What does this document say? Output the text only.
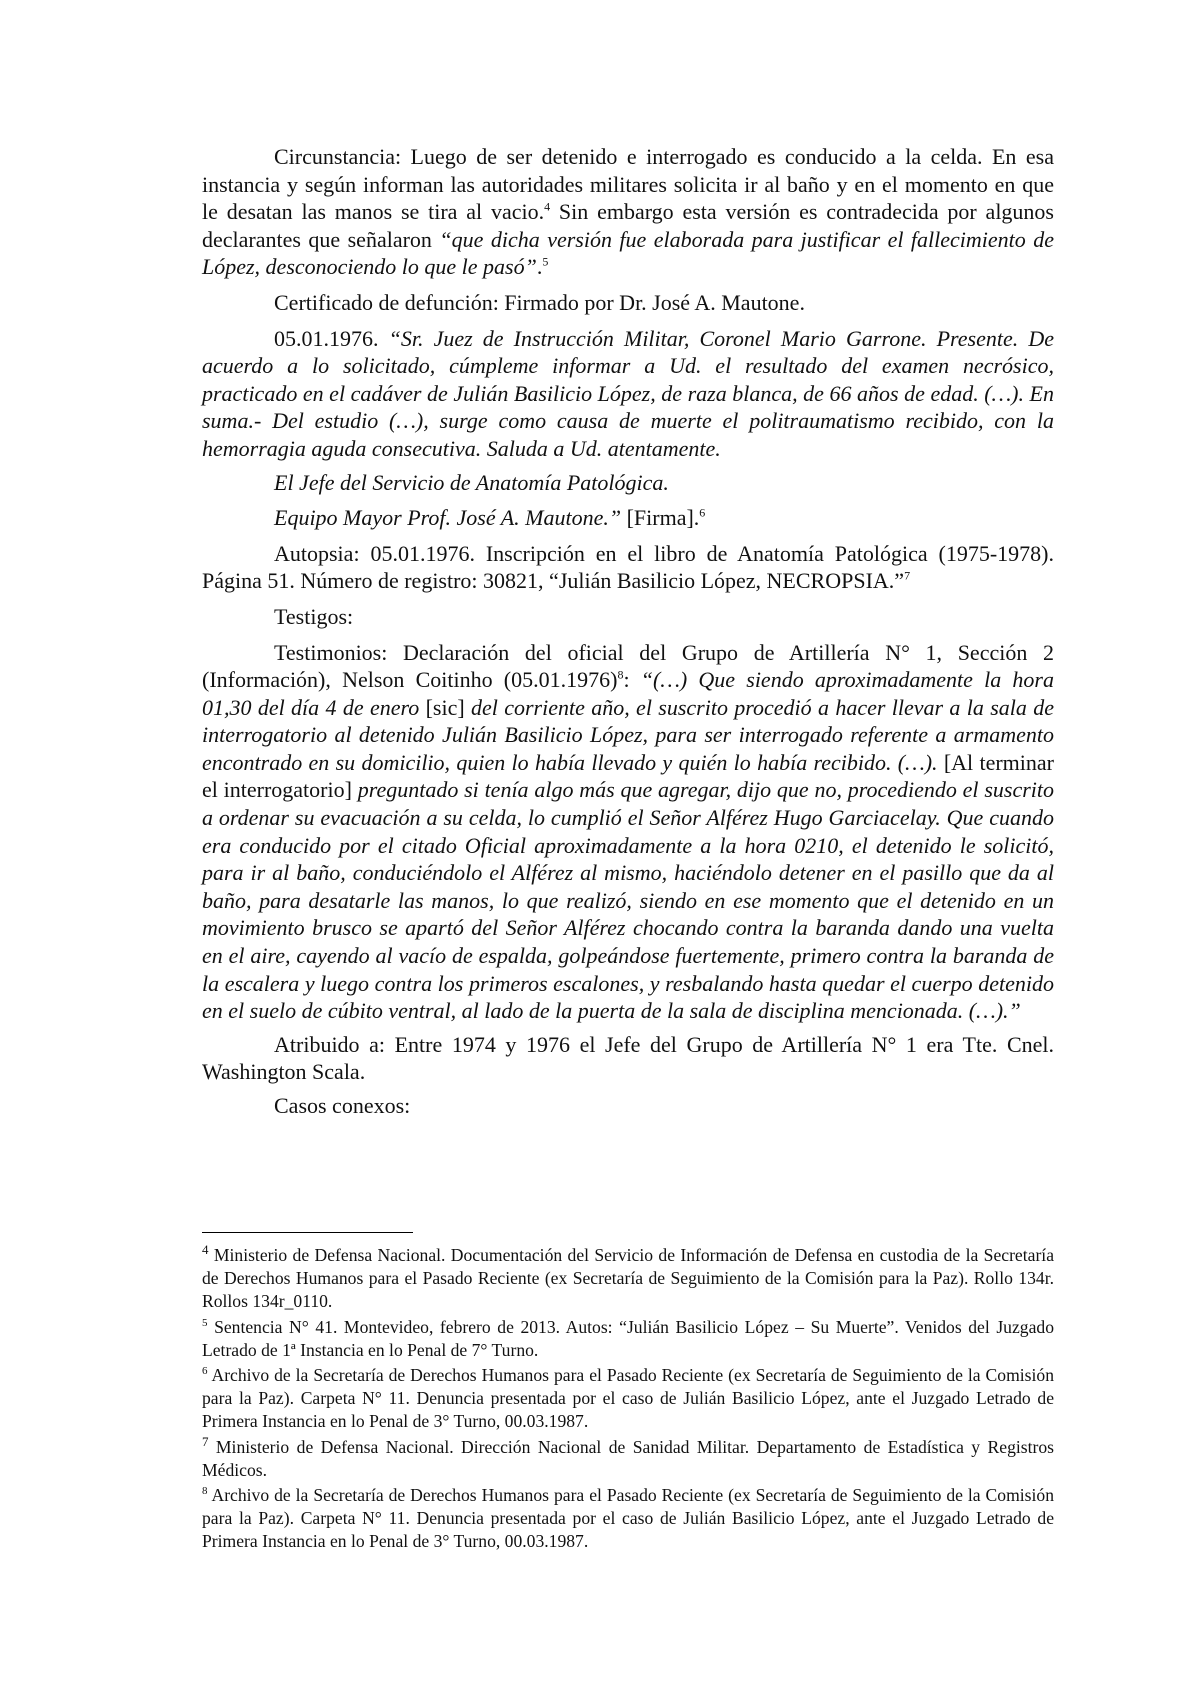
Circunstancia: Luego de ser detenido e interrogado es conducido a la celda. En esa instancia y según informan las autoridades militares solicita ir al baño y en el momento en que le desatan las manos se tira al vacio.$^4$ Sin embargo esta versión es contradecida por algunos declarantes que señalaron “que dicha versión fue elaborada para justificar el fallecimiento de López, desconociendo lo que le pasó”.$^5$

Certificado de defunción: Firmado por Dr. José A. Mautone.

05.01.1976. “Sr. Juez de Instrucción Militar, Coronel Mario Garrone. Presente. De acuerdo a lo solicitado, cúmpleme informar a Ud. el resultado del examen necrósico, practicado en el cadáver de Julián Basilicio López, de raza blanca, de 66 años de edad. (…). En suma.- Del estudio (…), surge como causa de muerte el politraumatismo recibido, con la hemorragia aguda consecutiva. Saluda a Ud. atentamente.

El Jefe del Servicio de Anatomía Patológica.

Equipo Mayor Prof. José A. Mautone.” [Firma].$^6$

Autopsia: 05.01.1976. Inscripción en el libro de Anatomía Patológica (1975-1978). Página 51. Número de registro: 30821, “Julián Basilicio López, NECROPSIA.”$^7$

Testigos:

Testimonios: Declaración del oficial del Grupo de Artillería N° 1, Sección 2 (Información), Nelson Coitinho (05.01.1976)$^8$: “(…) Que siendo aproximadamente la hora 01,30 del día 4 de enero [sic] del corriente año, el suscrito procedió a hacer llevar a la sala de interrogatorio al detenido Julián Basilicio López, para ser interrogado referente a armamento encontrado en su domicilio, quien lo había llevado y quién lo había recibido. (…). [Al terminar el interrogatorio] preguntado si tenía algo más que agregar, dijo que no, procediendo el suscrito a ordenar su evacuación a su celda, lo cumplió el Señor Alférez Hugo Garciacelay. Que cuando era conducido por el citado Oficial aproximadamente a la hora 0210, el detenido le solicitó, para ir al baño, conduciéndolo el Alférez al mismo, haciéndolo detener en el pasillo que da al baño, para desatarle las manos, lo que realizó, siendo en ese momento que el detenido en un movimiento brusco se apartó del Señor Alférez chocando contra la baranda dando una vuelta en el aire, cayendo al vacío de espalda, golpeándose fuertemente, primero contra la baranda de la escalera y luego contra los primeros escalones, y resbalando hasta quedar el cuerpo detenido en el suelo de cúbito ventral, al lado de la puerta de la sala de disciplina mencionada. (…).”

Atribuido a: Entre 1974 y 1976 el Jefe del Grupo de Artillería N° 1 era Tte. Cnel. Washington Scala.

Casos conexos:

$^4$ Ministerio de Defensa Nacional. Documentación del Servicio de Información de Defensa en custodia de la Secretaría de Derechos Humanos para el Pasado Reciente (ex Secretaría de Seguimiento de la Comisión para la Paz). Rollo 134r. Rollos 134r_0110.
$^5$ Sentencia N° 41. Montevideo, febrero de 2013. Autos: “Julián Basilicio López – Su Muerte”. Venidos del Juzgado Letrado de 1ª Instancia en lo Penal de 7° Turno.
$^6$ Archivo de la Secretaría de Derechos Humanos para el Pasado Reciente (ex Secretaría de Seguimiento de la Comisión para la Paz). Carpeta N° 11. Denuncia presentada por el caso de Julián Basilicio López, ante el Juzgado Letrado de Primera Instancia en lo Penal de 3° Turno, 00.03.1987.
$^7$ Ministerio de Defensa Nacional. Dirección Nacional de Sanidad Militar. Departamento de Estadística y Registros Médicos.
$^8$ Archivo de la Secretaría de Derechos Humanos para el Pasado Reciente (ex Secretaría de Seguimiento de la Comisión para la Paz). Carpeta N° 11. Denuncia presentada por el caso de Julián Basilicio López, ante el Juzgado Letrado de Primera Instancia en lo Penal de 3° Turno, 00.03.1987.
